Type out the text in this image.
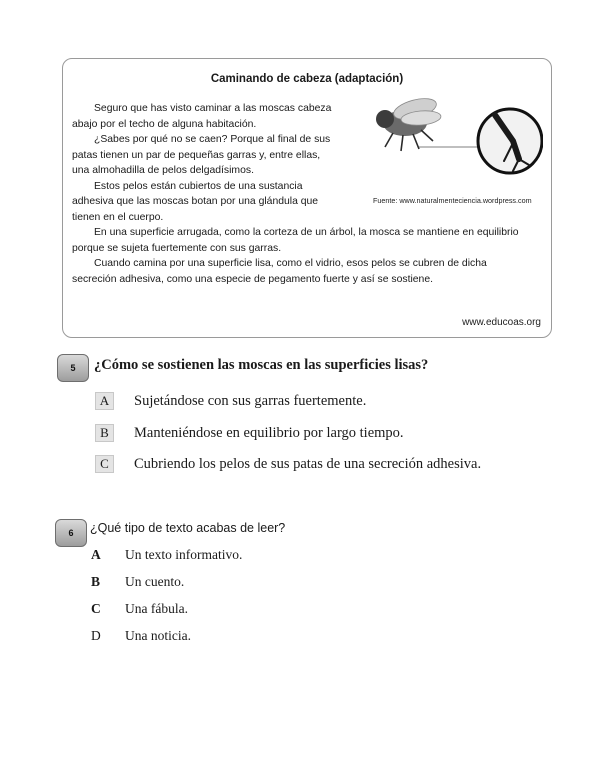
Caminando de cabeza (adaptación)
Seguro que has visto caminar a las moscas cabeza
abajo por el techo de alguna habitación.
¿Sabes por qué no se caen? Porque al final de sus
patas tienen un par de pequeñas garras y, entre ellas,
una almohadilla de pelos delgadísimos.
Estos pelos están cubiertos de una sustancia
adhesiva que las moscas botan por una glándula que
tienen en el cuerpo.
En una superficie arrugada, como la corteza de un árbol, la mosca se mantiene en equilibrio
porque se sujeta fuertemente con sus garras.
Cuando camina por una superficie lisa, como el vidrio, esos pelos se cubren de dicha
secreción adhesiva, como una especie de pegamento fuerte y así se sostiene.
Fuente: www.naturalmenteciencia.wordpress.com
www.educoas.org
5	¿Cómo se sostienen las moscas en las superficies lisas?
A	Sujetándose con sus garras fuertemente.
B	Manteniéndose en equilibrio por largo tiempo.
C	Cubriendo los pelos de sus patas de una secreción adhesiva.
6	¿Qué tipo de texto acabas de leer?
A	Un texto informativo.
B	Un cuento.
C	Una fábula.
D	Una noticia.
